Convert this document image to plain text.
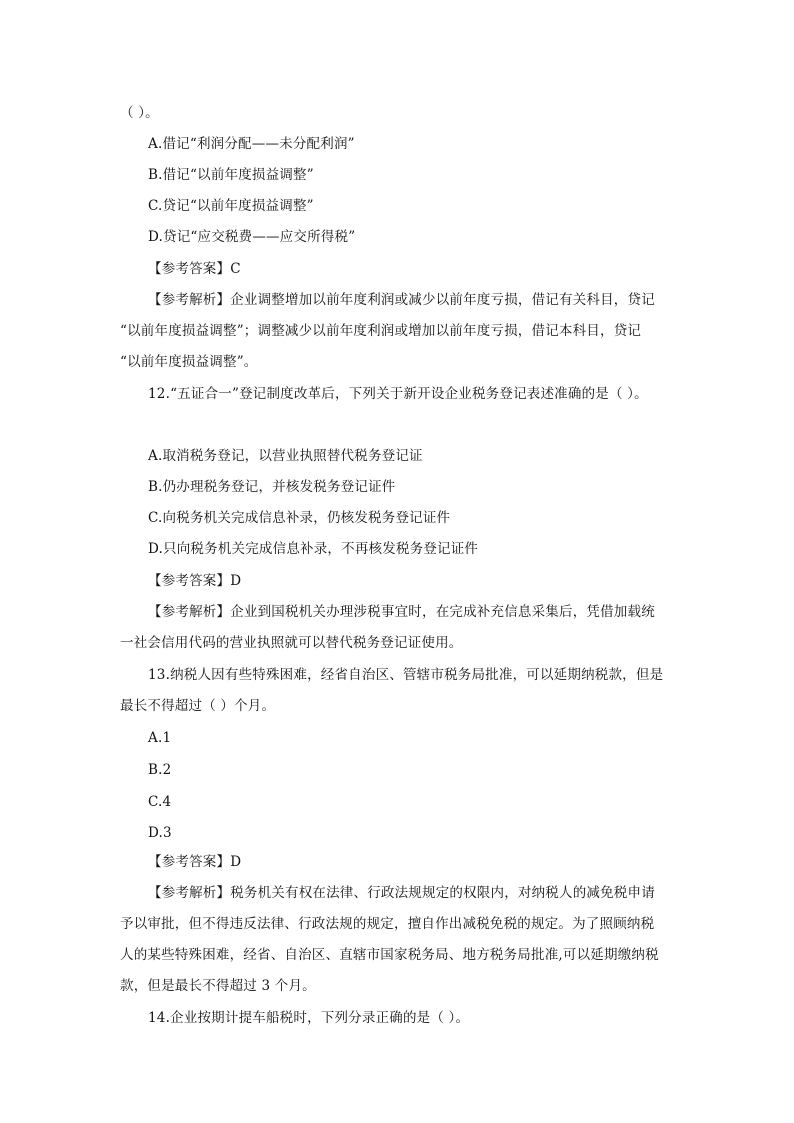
（ ）。
A.借记“利润分配——未分配利润”
B.借记“以前年度损益调整”
C.贷记“以前年度损益调整”
D.贷记“应交税费——应交所得税”
【参考答案】C
【参考解析】企业调整增加以前年度利润或减少以前年度亏损，借记有关科目，贷记
“以前年度损益调整”；调整减少以前年度利润或增加以前年度亏损，借记本科目，贷记
“以前年度损益调整”。
12.“五证合一”登记制度改革后，下列关于新开设企业税务登记表述准确的是（ ）。
A.取消税务登记，以营业执照替代税务登记证
B.仍办理税务登记，并核发税务登记证件
C.向税务机关完成信息补录，仍核发税务登记证件
D.只向税务机关完成信息补录，不再核发税务登记证件
【参考答案】D
【参考解析】企业到国税机关办理涉税事宜时，在完成补充信息采集后，凭借加载统
一社会信用代码的营业执照就可以替代税务登记证使用。
13.纳税人因有些特殊困难，经省自治区、管辖市税务局批准，可以延期纳税款，但是
最长不得超过（ ）个月。
A.1
B.2
C.4
D.3
【参考答案】D
【参考解析】税务机关有权在法律、行政法规规定的权限内，对纳税人的减免税申请
予以审批，但不得违反法律、行政法规的规定，擅自作出减税免税的规定。为了照顾纳税
人的某些特殊困难，经省、自治区、直辖市国家税务局、地方税务局批准,可以延期缴纳税
款，但是最长不得超过 3 个月。
14.企业按期计提车船税时，下列分录正确的是（ ）。
